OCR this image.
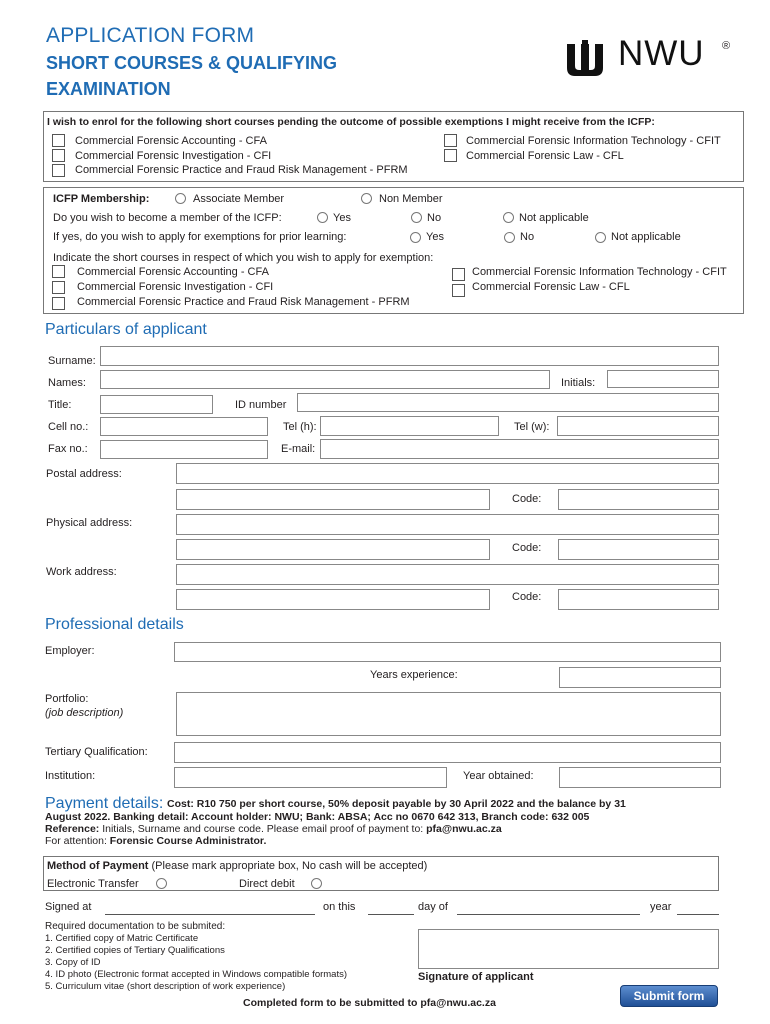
APPLICATION FORM
SHORT COURSES & QUALIFYING
EXAMINATION
NWU ®
I wish to enrol for the following short courses pending the outcome of possible exemptions I might receive from the ICFP:
Commercial Forensic Accounting - CFA
Commercial Forensic Investigation - CFI
Commercial Forensic Practice and Fraud Risk Management - PFRM
Commercial Forensic Information Technology - CFIT
Commercial Forensic Law - CFL
ICFP Membership:	Associate Member	Non Member
Do you wish to become a member of the ICFP:	Yes	No	Not applicable
If yes, do you wish to apply for exemptions for prior learning:	Yes	No	Not applicable
Indicate the short courses in respect of which you wish to apply for exemption:
Commercial Forensic Accounting - CFA
Commercial Forensic Investigation - CFI
Commercial Forensic Practice and Fraud Risk Management - PFRM
Commercial Forensic Information Technology - CFIT
Commercial Forensic Law - CFL
Particulars of applicant
Surname:
Names:	Initials:
Title:	ID number
Cell no.:	Tel (h):	Tel (w):
Fax no.:	E-mail:
Postal address:
Code:
Physical address:
Code:
Work address:
Code:
Professional details
Employer:
Years experience:
Portfolio:
(job description)
Tertiary Qualification:
Institution:	Year obtained:
Payment details: Cost: R10 750 per short course, 50% deposit payable by 30 April 2022 and the balance by 31
August 2022. Banking detail: Account holder: NWU; Bank: ABSA; Acc no 0670 642 313, Branch code: 632 005
Reference: Initials, Surname and course code. Please email proof of payment to: pfa@nwu.ac.za
For attention: Forensic Course Administrator.
Method of Payment (Please mark appropriate box, No cash will be accepted)
Electronic Transfer	Direct debit
Signed at	on this	day of	year
Required documentation to be submited:
1. Certified copy of Matric Certificate
2. Certified copies of Tertiary Qualifications
3. Copy of ID
4. ID photo (Electronic format accepted in Windows compatible formats)
5. Curriculum vitae (short description of work experience)
Signature of applicant
Completed form to be submitted to pfa@nwu.ac.za	Submit form
